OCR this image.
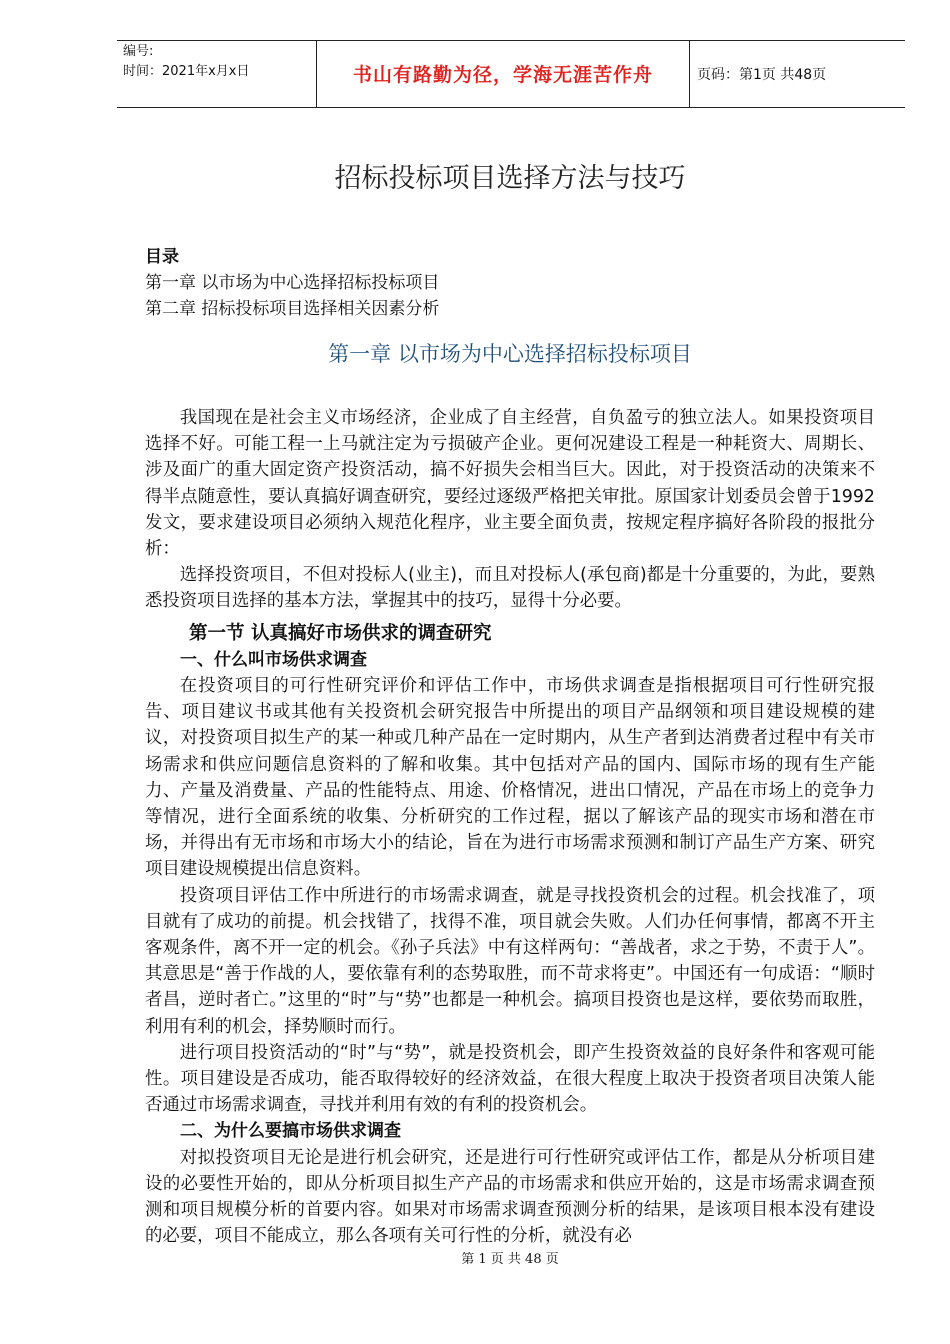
编号:
时间：2021年x月x日	书山有路勤为径，学海无涯苦作舟	页码：第1页 共48页
招标投标项目选择方法与技巧
目录
第一章 以市场为中心选择招标投标项目
第二章 招标投标项目选择相关因素分析
第一章 以市场为中心选择招标投标项目

我国现在是社会主义市场经济，企业成了自主经营，自负盈亏的独立法人。如果投资项目选择不好。可能工程一上马就注定为亏损破产企业。更何况建设工程是一种耗资大、周期长、涉及面广的重大固定资产投资活动，搞不好损失会相当巨大。因此，对于投资活动的决策来不得半点随意性，要认真搞好调查研究，要经过逐级严格把关审批。原国家计划委员会曾于1992发文，要求建设项目必须纳入规范化程序，业主要全面负责，按规定程序搞好各阶段的报批分析：

选择投资项目，不但对投标人(业主)，而且对投标人(承包商)都是十分重要的，为此，要熟悉投资项目选择的基本方法，掌握其中的技巧，显得十分必要。

第一节 认真搞好市场供求的调查研究
一、什么叫市场供求调查

在投资项目的可行性研究评价和评估工作中，市场供求调查是指根据项目可行性研究报告、项目建议书或其他有关投资机会研究报告中所提出的项目产品纲领和项目建设规模的建议，对投资项目拟生产的某一种或几种产品在一定时期内，从生产者到达消费者过程中有关市场需求和供应问题信息资料的了解和收集。其中包括对产品的国内、国际市场的现有生产能力、产量及消费量、产品的性能特点、用途、价格情况，进出口情况，产品在市场上的竞争力等情况，进行全面系统的收集、分析研究的工作过程，据以了解该产品的现实市场和潜在市场，并得出有无市场和市场大小的结论，旨在为进行市场需求预测和制订产品生产方案、研究项目建设规模提出信息资料。

投资项目评估工作中所进行的市场需求调查，就是寻找投资机会的过程。机会找准了，项目就有了成功的前提。机会找错了，找得不准，项目就会失败。人们办任何事情，都离不开主客观条件，离不开一定的机会。《孙子兵法》中有这样两句：“善战者，求之于势，不责于人”。其意思是“善于作战的人，要依靠有利的态势取胜，而不苛求将吏”。中国还有一句成语：“顺时者昌，逆时者亡。”这里的“时”与“势”也都是一种机会。搞项目投资也是这样，要依势而取胜，利用有利的机会，择势顺时而行。

进行项目投资活动的“时”与“势”，就是投资机会，即产生投资效益的良好条件和客观可能性。项目建设是否成功，能否取得较好的经济效益，在很大程度上取决于投资者项目决策人能否通过市场需求调查，寻找并利用有效的有利的投资机会。

二、为什么要搞市场供求调查

对拟投资项目无论是进行机会研究，还是进行可行性研究或评估工作，都是从分析项目建设的必要性开始的，即从分析项目拟生产产品的市场需求和供应开始的，这是市场需求调查预测和项目规模分析的首要内容。如果对市场需求调查预测分析的结果，是该项目根本没有建设的必要，项目不能成立，那么各项有关可行性的分析，就没有必

第 1 页 共 48 页
